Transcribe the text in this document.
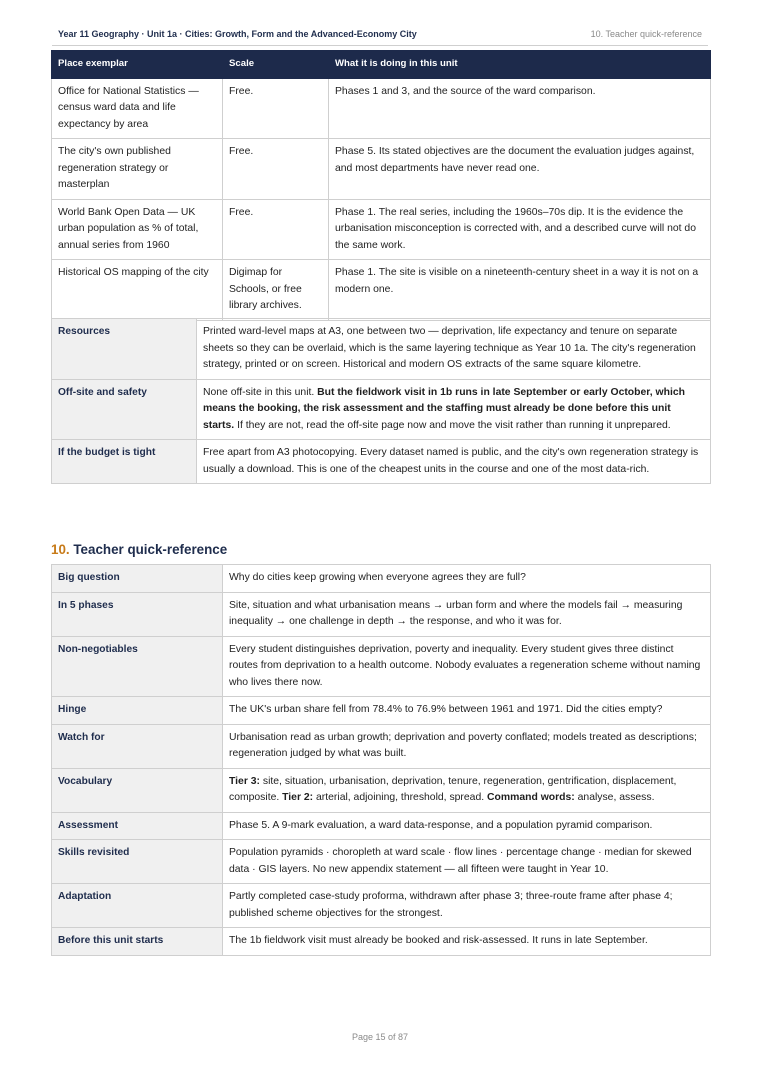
Year 11 Geography · Unit 1a · Cities: Growth, Form and the Advanced-Economy City	10. Teacher quick-reference
Place exemplar	Scale	What it is doing in this unit
Office for National Statistics — census ward data and life expectancy by area	Free.	Phases 1 and 3, and the source of the ward comparison.
The city's own published regeneration strategy or masterplan	Free.	Phase 5. Its stated objectives are the document the evaluation judges against, and most departments have never read one.
World Bank Open Data — UK urban population as % of total, annual series from 1960	Free.	Phase 1. The real series, including the 1960s–70s dip. It is the evidence the urbanisation misconception is corrected with, and a described curve will not do the same work.
Historical OS mapping of the city	Digimap for Schools, or free library archives.	Phase 1. The site is visible on a nineteenth-century sheet in a way it is not on a modern one.
Resources	Printed ward-level maps at A3, one between two — deprivation, life expectancy and tenure on separate sheets so they can be overlaid, which is the same layering technique as Year 10 1a. The city's regeneration strategy, printed or on screen. Historical and modern OS extracts of the same square kilometre.
Off-site and safety	None off-site in this unit. But the fieldwork visit in 1b runs in late September or early October, which means the booking, the risk assessment and the staffing must already be done before this unit starts. If they are not, read the off-site page now and move the visit rather than running it unprepared.
If the budget is tight	Free apart from A3 photocopying. Every dataset named is public, and the city's own regeneration strategy is usually a download. This is one of the cheapest units in the course and one of the most data-rich.
10. Teacher quick-reference
Big question	Why do cities keep growing when everyone agrees they are full?
In 5 phases	Site, situation and what urbanisation means → urban form and where the models fail → measuring inequality → one challenge in depth → the response, and who it was for.
Non-negotiables	Every student distinguishes deprivation, poverty and inequality. Every student gives three distinct routes from deprivation to a health outcome. Nobody evaluates a regeneration scheme without naming who lives there now.
Hinge	The UK's urban share fell from 78.4% to 76.9% between 1961 and 1971. Did the cities empty?
Watch for	Urbanisation read as urban growth; deprivation and poverty conflated; models treated as descriptions; regeneration judged by what was built.
Vocabulary	Tier 3: site, situation, urbanisation, deprivation, tenure, regeneration, gentrification, displacement, composite. Tier 2: arterial, adjoining, threshold, spread. Command words: analyse, assess.
Assessment	Phase 5. A 9-mark evaluation, a ward data-response, and a population pyramid comparison.
Skills revisited	Population pyramids · choropleth at ward scale · flow lines · percentage change · median for skewed data · GIS layers. No new appendix statement — all fifteen were taught in Year 10.
Adaptation	Partly completed case-study proforma, withdrawn after phase 3; three-route frame after phase 4; published scheme objectives for the strongest.
Before this unit starts	The 1b fieldwork visit must already be booked and risk-assessed. It runs in late September.
Page 15 of 87
